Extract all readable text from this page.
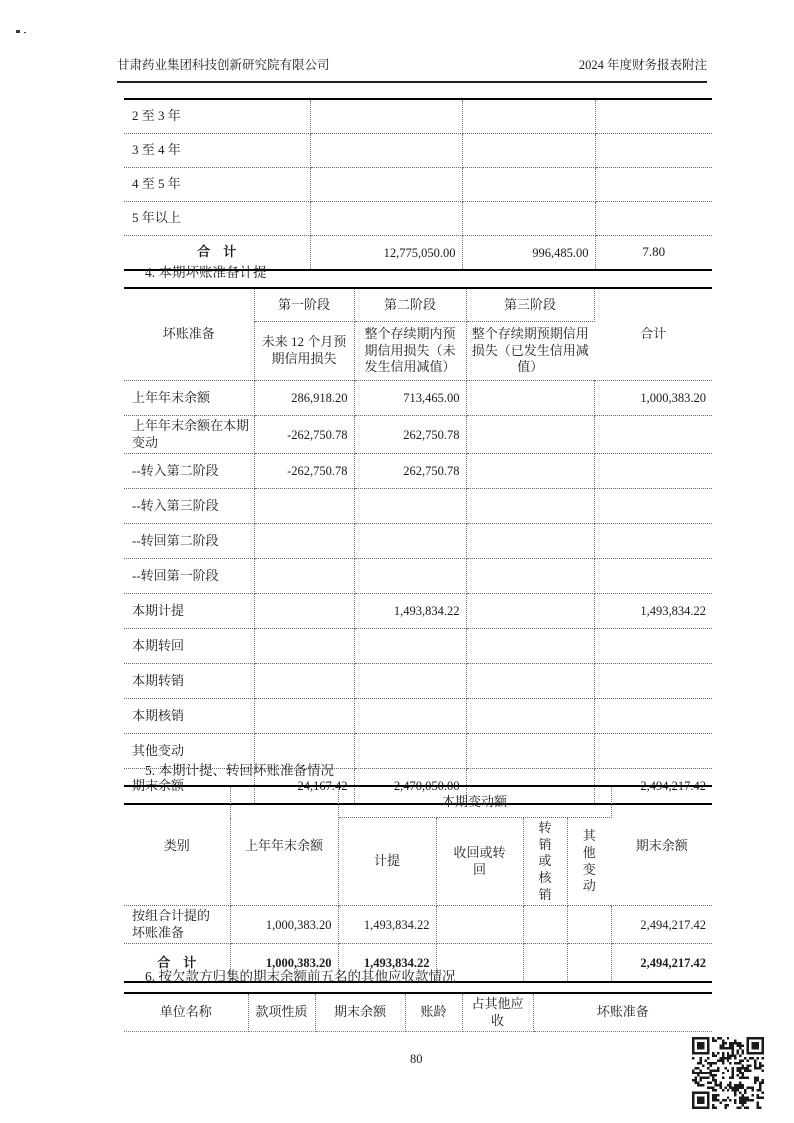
甘肃药业集团科技创新研究院有限公司	2024 年度财务报表附注
2 至 3 年			
3 至 4 年			
4 至 5 年			
5 年以上			
合　计	12,775,050.00	996,485.00	7.80
4. 本期坏账准备计提
坏账准备	第一阶段	第二阶段	第三阶段	合计
	未来 12 个月预期信用损失	整个存续期内预期信用损失（未发生信用减值）	整个存续期预期信用损失（已发生信用减值）	
上年年末余额	286,918.20	713,465.00		1,000,383.20
上年年末余额在本期变动	-262,750.78	262,750.78		
--转入第二阶段	-262,750.78	262,750.78		
--转入第三阶段				
--转回第二阶段				
--转回第一阶段				
本期计提		1,493,834.22		1,493,834.22
本期转回				
本期转销				
本期核销				
其他变动				
期末余额	24,167.42	2,470,050.00		2,494,217.42
5. 本期计提、转回坏账准备情况
类别	上年年末余额	本期变动额				期末余额
		计提	收回或转回	转销或核销	其他变动	
按组合计提的坏账准备	1,000,383.20	1,493,834.22				2,494,217.42
合　计	1,000,383.20	1,493,834.22				2,494,217.42
6. 按欠款方归集的期末余额前五名的其他应收款情况
单位名称	款项性质	期末余额	账龄	占其他应收	坏账准备
80
